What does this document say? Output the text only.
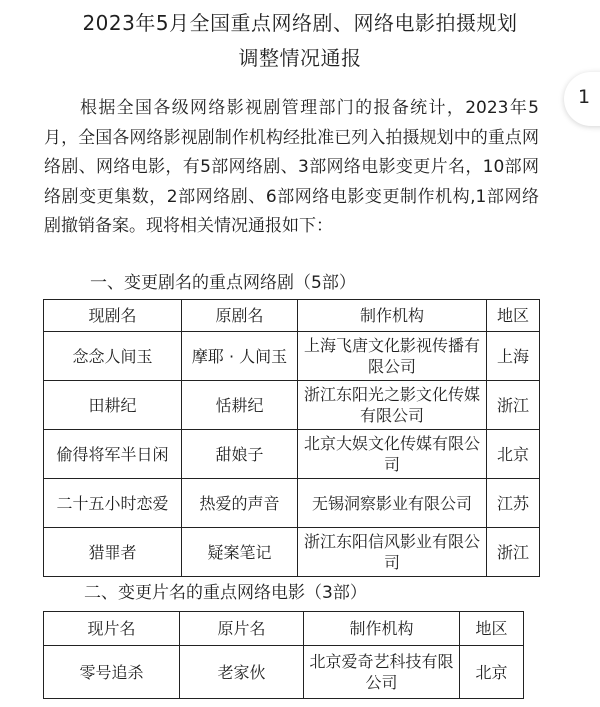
2023年5月全国重点网络剧、网络电影拍摄规划
调整情况通报
1

根据全国各级网络影视剧管理部门的报备统计，2023年5月，全国各网络影视剧制作机构经批准已列入拍摄规划中的重点网络剧、网络电影，有5部网络剧、3部网络电影变更片名，10部网络剧变更集数，2部网络剧、6部网络电影变更制作机构,1部网络剧撤销备案。现将相关情况通报如下：

一、变更剧名的重点网络剧（5部）
现剧名	原剧名	制作机构	地区
念念人间玉	摩耶 · 人间玉	上海飞唐文化影视传播有限公司	上海
田耕纪	恬耕纪	浙江东阳光之影文化传媒有限公司	浙江
偷得将军半日闲	甜娘子	北京大娱文化传媒有限公司	北京
二十五小时恋爱	热爱的声音	无锡洞察影业有限公司	江苏
猎罪者	疑案笔记	浙江东阳信风影业有限公司	浙江
二、变更片名的重点网络电影（3部）
现片名	原片名	制作机构	地区
零号追杀	老家伙	北京爱奇艺科技有限公司	北京
